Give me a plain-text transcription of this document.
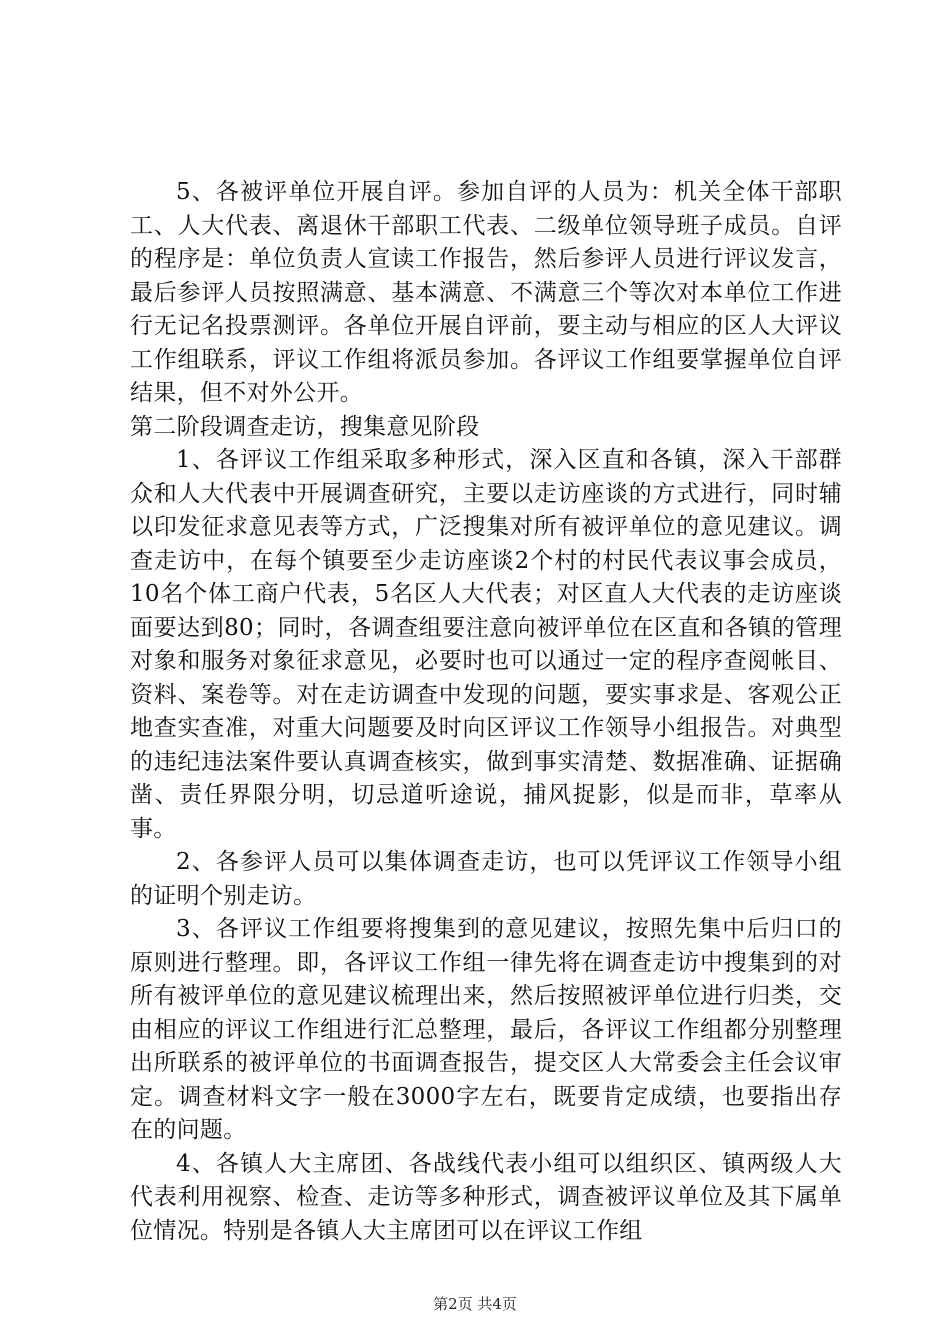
5、各被评单位开展自评。参加自评的人员为：机关全体干部职工、人大代表、离退休干部职工代表、二级单位领导班子成员。自评的程序是：单位负责人宣读工作报告，然后参评人员进行评议发言，最后参评人员按照满意、基本满意、不满意三个等次对本单位工作进行无记名投票测评。各单位开展自评前，要主动与相应的区人大评议工作组联系，评议工作组将派员参加。各评议工作组要掌握单位自评结果，但不对外公开。

第二阶段调查走访，搜集意见阶段

1、各评议工作组采取多种形式，深入区直和各镇，深入干部群众和人大代表中开展调查研究，主要以走访座谈的方式进行，同时辅以印发征求意见表等方式，广泛搜集对所有被评单位的意见建议。调查走访中，在每个镇要至少走访座谈2个村的村民代表议事会成员，10名个体工商户代表，5名区人大代表；对区直人大代表的走访座谈面要达到80；同时，各调查组要注意向被评单位在区直和各镇的管理对象和服务对象征求意见，必要时也可以通过一定的程序查阅帐目、资料、案卷等。对在走访调查中发现的问题，要实事求是、客观公正地查实查准，对重大问题要及时向区评议工作领导小组报告。对典型的违纪违法案件要认真调查核实，做到事实清楚、数据准确、证据确凿、责任界限分明，切忌道听途说，捕风捉影，似是而非，草率从事。

2、各参评人员可以集体调查走访，也可以凭评议工作领导小组的证明个别走访。

3、各评议工作组要将搜集到的意见建议，按照先集中后归口的原则进行整理。即，各评议工作组一律先将在调查走访中搜集到的对所有被评单位的意见建议梳理出来，然后按照被评单位进行归类，交由相应的评议工作组进行汇总整理，最后，各评议工作组都分别整理出所联系的被评单位的书面调查报告，提交区人大常委会主任会议审定。调查材料文字一般在3000字左右，既要肯定成绩，也要指出存在的问题。

4、各镇人大主席团、各战线代表小组可以组织区、镇两级人大代表利用视察、检查、走访等多种形式，调查被评议单位及其下属单位情况。特别是各镇人大主席团可以在评议工作组

第2页 共4页
